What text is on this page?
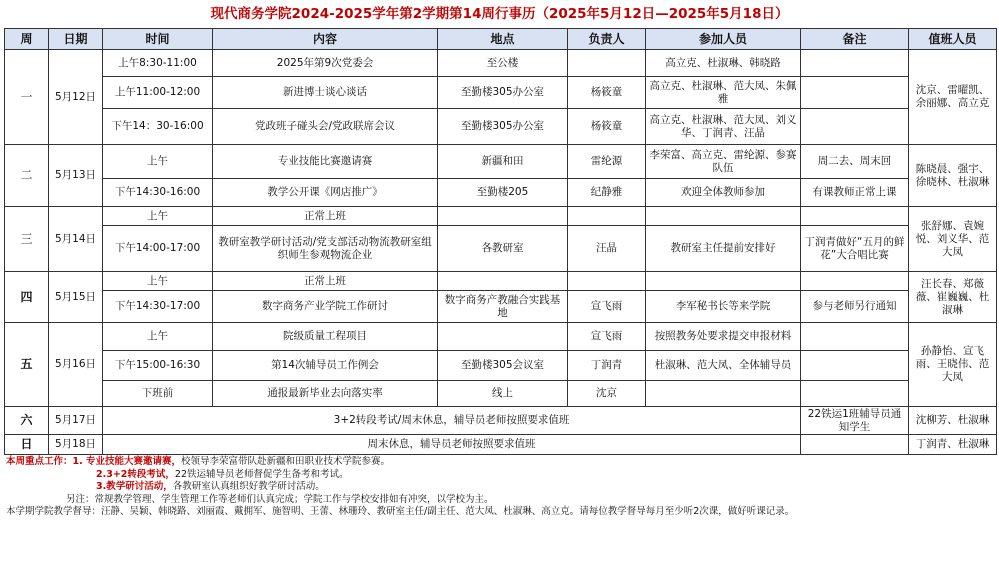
现代商务学院2024-2025学年第2学期第14周行事历（2025年5月12日—2025年5月18日）
周	日期	时间	内容	地点	负责人	参加人员	备注	值班人员
一	5月12日	上午8:30-11:00	2025年第9次党委会	至公楼		高立克、杜淑琳、韩晓路		沈京、雷曜凯、余丽娜、高立克
		上午11:00-12:00	新进博士谈心谈话	至勤楼305办公室	杨筱童	高立克、杜淑琳、范大凤、朱佩雅		
		下午14：30-16:00	党政班子碰头会/党政联席会议	至勤楼305办公室	杨筱童	高立克、杜淑琳、范大凤、刘义华、丁润青、汪晶		
二	5月13日	上午	专业技能比赛邀请赛	新疆和田	雷纶源	李荣富、高立克、雷纶源、参赛队伍	周二去、周末回	陈晓晨、强宇、徐晓林、杜淑琳
		下午14:30-16:00	教学公开课《网店推广》	至勤楼205	纪静雅	欢迎全体教师参加	有课教师正常上课	
三	5月14日	上午	正常上班					张舒娜、袁婉悦、刘义华、范大凤
		下午14:00-17:00	教研室教学研讨活动/党支部活动物流教研室组织师生参观物流企业	各教研室	汪晶	教研室主任提前安排好	丁润青做好“五月的鲜花”大合唱比赛	
四	5月15日	上午	正常上班					汪长春、郑薇薇、崔巍巍、杜淑琳
		下午14:30-17:00	数字商务产业学院工作研讨	数字商务产教融合实践基地	宣飞雨	李军秘书长等来学院	参与老师另行通知	
五	5月16日	上午	院级质量工程项目		宣飞雨	按照教务处要求提交申报材料		孙静怡、宣飞雨、王晓伟、范大凤
		下午15:00-16:30	第14次辅导员工作例会	至勤楼305会议室	丁润青	杜淑琳、范大凤、全体辅导员		
		下班前	通报最新毕业去向落实率	线上	沈京			
六	5月17日	3+2转段考试/周末休息，辅导员老师按照要求值班					22铁运1班辅导员通知学生	沈柳芳、杜淑琳
日	5月18日	周末休息，辅导员老师按照要求值班						丁润青、杜淑琳
本周重点工作：1. 专业技能大赛邀请赛，校领导李荣富带队赴新疆和田职业技术学院参赛。
2.3+2转段考试，22铁运辅导员老师督促学生备考和考试。
3.教学研讨活动，各教研室认真组织好教学研讨活动。
另注：常规教学管理、学生管理工作等老师们认真完成；学院工作与学校安排如有冲突，以学校为主。
本学期学院教学督导：汪静、吴颖、韩晓路、刘丽霞、戴拥军、施智明、王蕾、林珊玲、教研室主任/副主任、范大凤、杜淑琳、高立克。请每位教学督导每月至少听2次课，做好听课记录。
